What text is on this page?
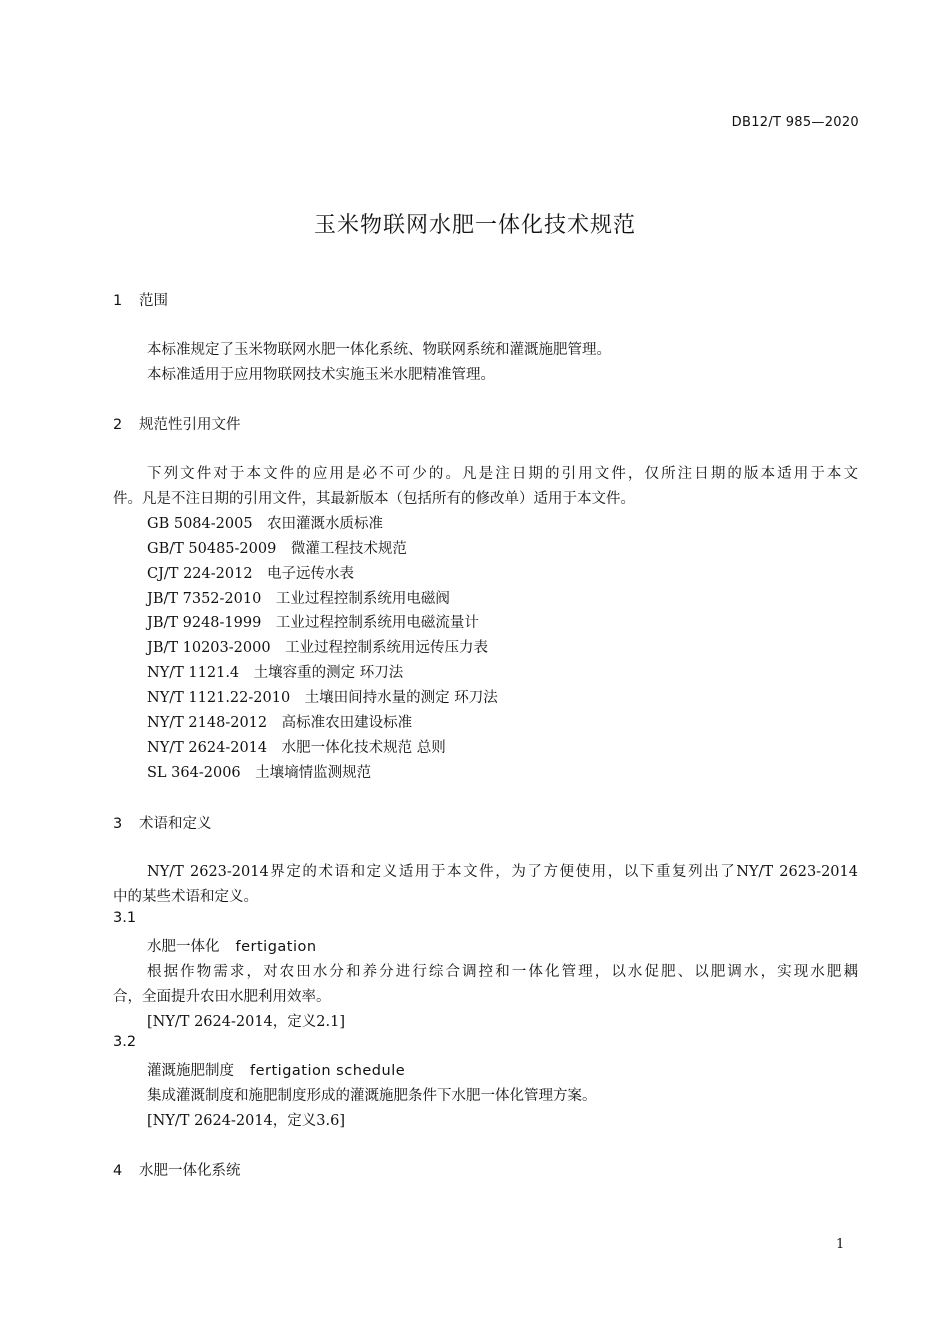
DB12/T 985—2020
玉米物联网水肥一体化技术规范
1 范围
本标准规定了玉米物联网水肥一体化系统、物联网系统和灌溉施肥管理。
本标准适用于应用物联网技术实施玉米水肥精准管理。
2 规范性引用文件
下列文件对于本文件的应用是必不可少的。凡是注日期的引用文件，仅所注日期的版本适用于本文
件。凡是不注日期的引用文件，其最新版本（包括所有的修改单）适用于本文件。
GB 5084-2005　农田灌溉水质标准
GB/T 50485-2009　微灌工程技术规范
CJ/T 224-2012　电子远传水表
JB/T 7352-2010　工业过程控制系统用电磁阀
JB/T 9248-1999　工业过程控制系统用电磁流量计
JB/T 10203-2000　工业过程控制系统用远传压力表
NY/T 1121.4　土壤容重的测定 环刀法
NY/T 1121.22-2010　土壤田间持水量的测定 环刀法
NY/T 2148-2012　高标准农田建设标准
NY/T 2624-2014　水肥一体化技术规范 总则
SL 364-2006　土壤墒情监测规范
3 术语和定义
NY/T 2623-2014界定的术语和定义适用于本文件，为了方便使用，以下重复列出了NY/T 2623-2014
中的某些术语和定义。
3.1
水肥一体化 fertigation
根据作物需求，对农田水分和养分进行综合调控和一体化管理，以水促肥、以肥调水，实现水肥耦
合，全面提升农田水肥利用效率。
[NY/T 2624-2014，定义2.1]
3.2
灌溉施肥制度 fertigation schedule
集成灌溉制度和施肥制度形成的灌溉施肥条件下水肥一体化管理方案。
[NY/T 2624-2014，定义3.6]
4 水肥一体化系统
1
